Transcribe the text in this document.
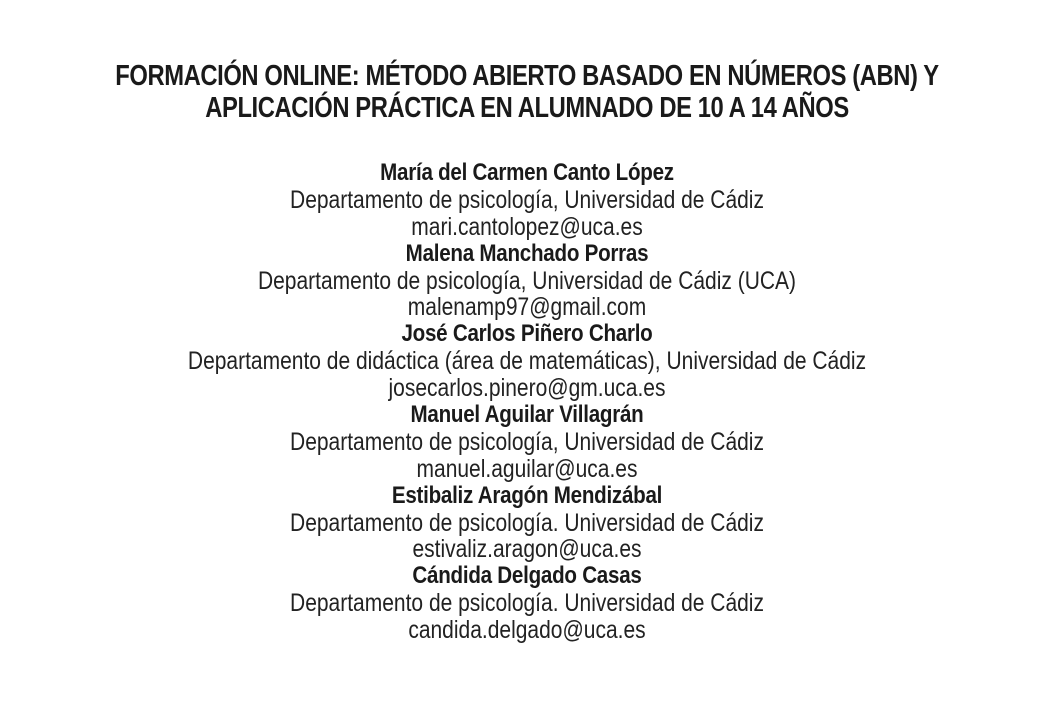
FORMACIÓN ONLINE: MÉTODO ABIERTO BASADO EN NÚMEROS (ABN) Y
APLICACIÓN PRÁCTICA EN ALUMNADO DE 10 A 14 AÑOS
María del Carmen Canto López
Departamento de psicología, Universidad de Cádiz
mari.cantolopez@uca.es
Malena Manchado Porras
Departamento de psicología, Universidad de Cádiz (UCA)
malenamp97@gmail.com
José Carlos Piñero Charlo
Departamento de didáctica (área de matemáticas), Universidad de Cádiz
josecarlos.pinero@gm.uca.es
Manuel Aguilar Villagrán
Departamento de psicología, Universidad de Cádiz
manuel.aguilar@uca.es
Estibaliz Aragón Mendizábal
Departamento de psicología. Universidad de Cádiz
estivaliz.aragon@uca.es
Cándida Delgado Casas
Departamento de psicología. Universidad de Cádiz
candida.delgado@uca.es
